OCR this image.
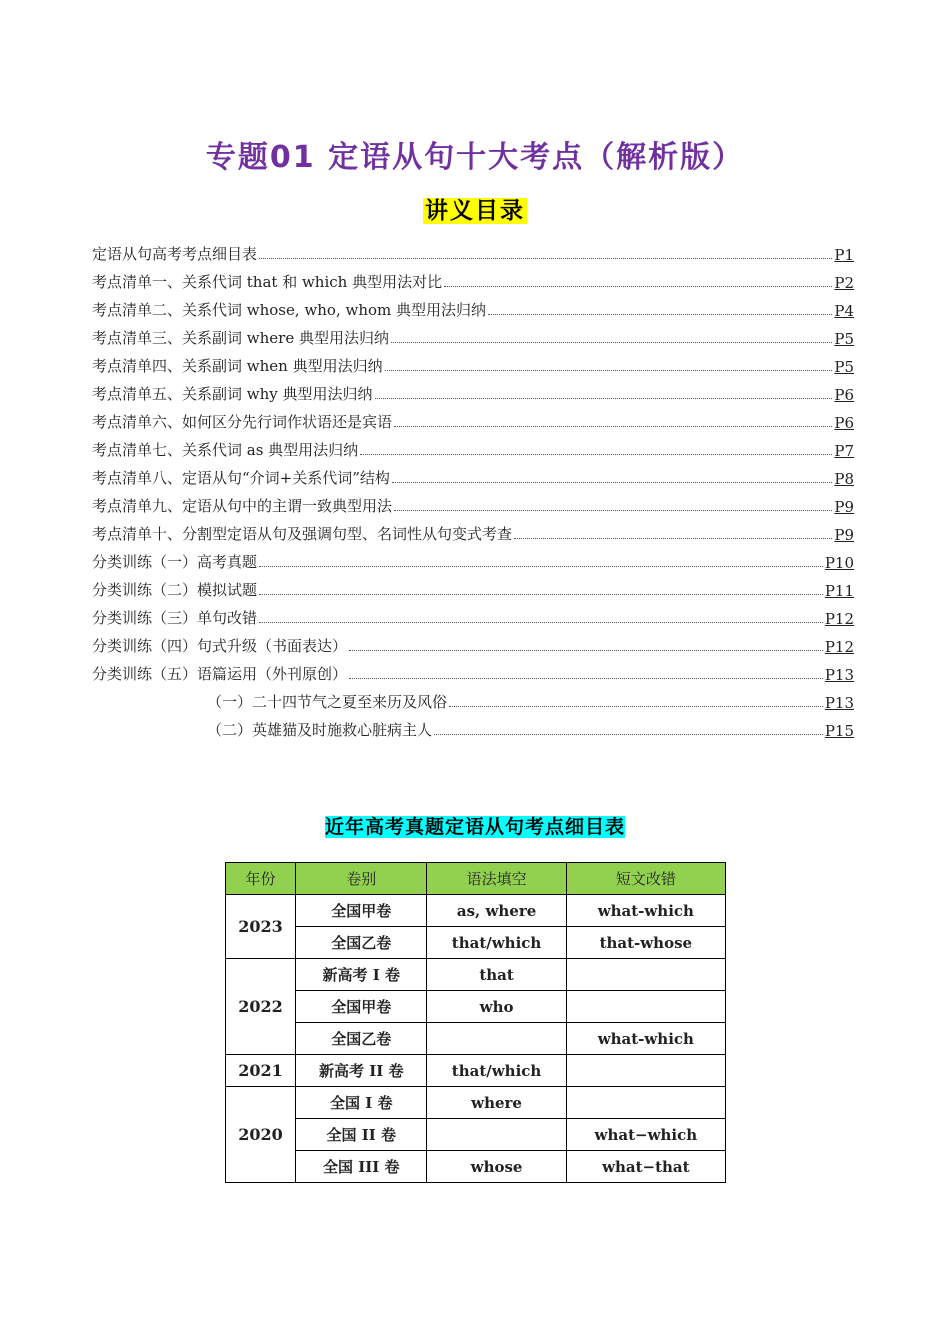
专题01 定语从句十大考点（解析版）
讲义目录
定语从句高考考点细目表	P1
考点清单一、关系代词 that 和 which 典型用法对比	P2
考点清单二、关系代词 whose, who, whom 典型用法归纳	P4
考点清单三、关系副词 where 典型用法归纳	P5
考点清单四、关系副词 when 典型用法归纳	P5
考点清单五、关系副词 why 典型用法归纳	P6
考点清单六、如何区分先行词作状语还是宾语	P6
考点清单七、关系代词 as 典型用法归纳	P7
考点清单八、定语从句“介词+关系代词”结构	P8
考点清单九、定语从句中的主谓一致典型用法	P9
考点清单十、分割型定语从句及强调句型、名词性从句变式考查	P9
分类训练（一）高考真题	P10
分类训练（二）模拟试题	P11
分类训练（三）单句改错	P12
分类训练（四）句式升级（书面表达）	P12
分类训练（五）语篇运用（外刊原创）	P13
（一）二十四节气之夏至来历及风俗	P13
（二）英雄猫及时施救心脏病主人	P15
近年高考真题定语从句考点细目表
年份	卷别	语法填空	短文改错
2023	全国甲卷	as, where	what-which
	全国乙卷	that/which	that-whose
2022	新高考 I 卷	that	
	全国甲卷	who	
	全国乙卷		what-which
2021	新高考 II 卷	that/which	
2020	全国 I 卷	where	
	全国 II 卷		what−which
	全国 III 卷	whose	what−that
